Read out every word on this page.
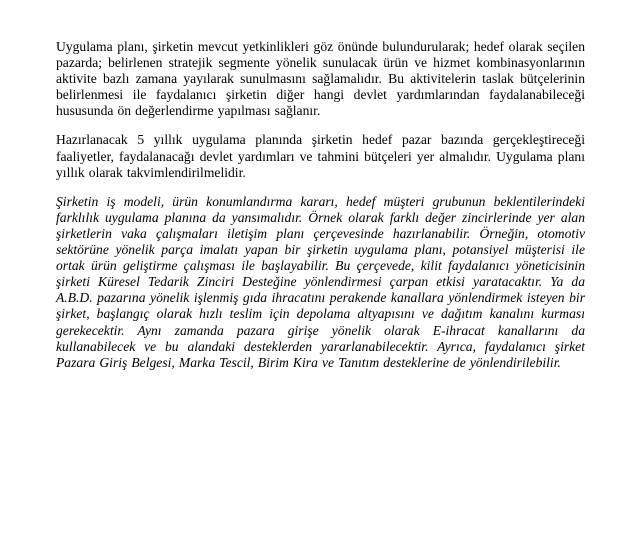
Uygulama planı, şirketin mevcut yetkinlikleri göz önünde bulundurularak; hedef olarak seçilen pazarda; belirlenen stratejik segmente yönelik sunulacak ürün ve hizmet kombinasyonlarının aktivite bazlı zamana yayılarak sunulmasını sağlamalıdır. Bu aktivitelerin taslak bütçelerinin belirlenmesi ile faydalanıcı şirketin diğer hangi devlet yardımlarından faydalanabileceği hususunda ön değerlendirme yapılması sağlanır.

Hazırlanacak 5 yıllık uygulama planında şirketin hedef pazar bazında gerçekleştireceği faaliyetler, faydalanacağı devlet yardımları ve tahmini bütçeleri yer almalıdır. Uygulama planı yıllık olarak takvimlendirilmelidir.

Şirketin iş modeli, ürün konumlandırma kararı, hedef müşteri grubunun beklentilerindeki farklılık uygulama planına da yansımalıdır. Örnek olarak farklı değer zincirlerinde yer alan şirketlerin vaka çalışmaları iletişim planı çerçevesinde hazırlanabilir. Örneğin, otomotiv sektörüne yönelik parça imalatı yapan bir şirketin uygulama planı, potansiyel müşterisi ile ortak ürün geliştirme çalışması ile başlayabilir. Bu çerçevede, kilit faydalanıcı yöneticisinin şirketi Küresel Tedarik Zinciri Desteğine yönlendirmesi çarpan etkisi yaratacaktır. Ya da A.B.D. pazarına yönelik işlenmiş gıda ihracatını perakende kanallara yönlendirmek isteyen bir şirket, başlangıç olarak hızlı teslim için depolama altyapısını ve dağıtım kanalını kurması gerekecektir. Aynı zamanda pazara girişe yönelik olarak E-ihracat kanallarını da kullanabilecek ve bu alandaki desteklerden yararlanabilecektir. Ayrıca, faydalanıcı şirket Pazara Giriş Belgesi, Marka Tescil, Birim Kira ve Tanıtım desteklerine de yönlendirilebilir.
